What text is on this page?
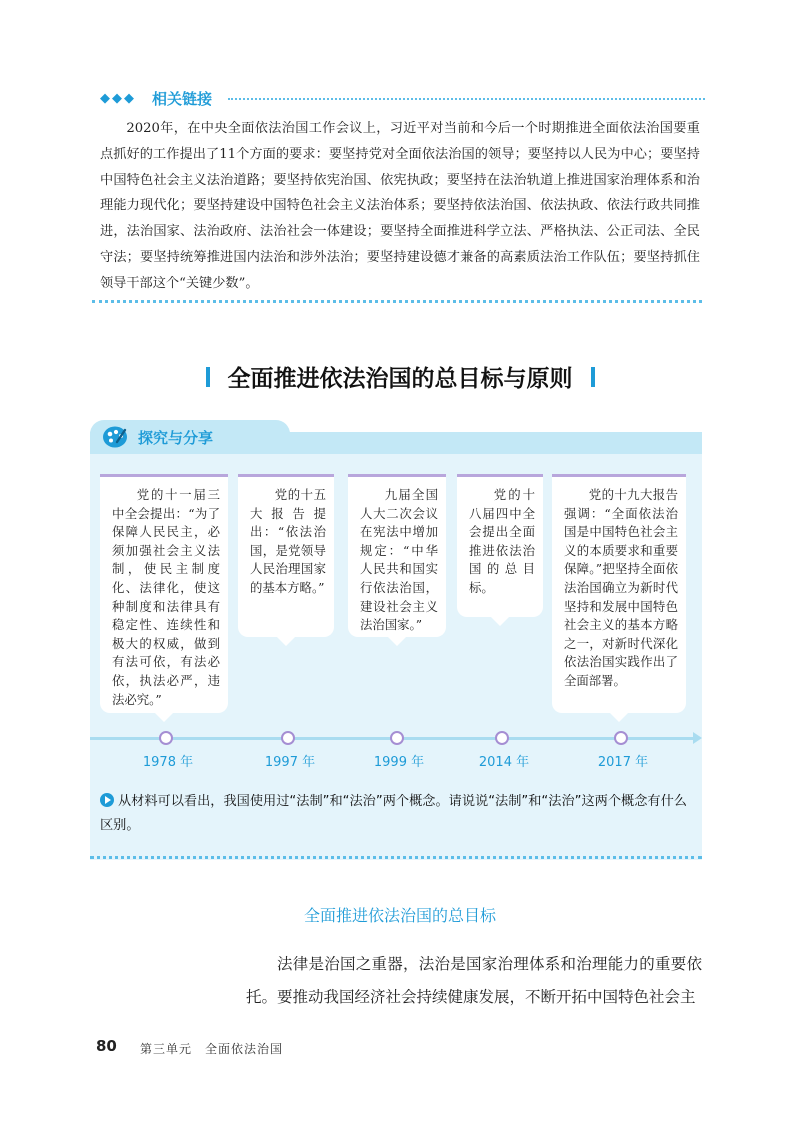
◆◆◆ 相关链接

2020年，在中央全面依法治国工作会议上，习近平对当前和今后一个时期推进全面依法治国要重点抓好的工作提出了11个方面的要求：要坚持党对全面依法治国的领导；要坚持以人民为中心；要坚持中国特色社会主义法治道路；要坚持依宪治国、依宪执政；要坚持在法治轨道上推进国家治理体系和治理能力现代化；要坚持建设中国特色社会主义法治体系；要坚持依法治国、依法执政、依法行政共同推进，法治国家、法治政府、法治社会一体建设；要坚持全面推进科学立法、严格执法、公正司法、全民守法；要坚持统筹推进国内法治和涉外法治；要坚持建设德才兼备的高素质法治工作队伍；要坚持抓住领导干部这个“关键少数”。

全面推进依法治国的总目标与原则
探究与分享

党的十一届三中全会提出：“为了保障人民民主，必须加强社会主义法制，使民主制度化、法律化，使这种制度和法律具有稳定性、连续性和极大的权威，做到有法可依，有法必依，执法必严，违法必究。”

党的十五大报告提出：“依法治国，是党领导人民治理国家的基本方略。”

九届全国人大二次会议在宪法中增加规定：“中华人民共和国实行依法治国，建设社会主义法治国家。”

党的十八届四中全会提出全面推进依法治国的总目标。

党的十九大报告强调：“全面依法治国是中国特色社会主义的本质要求和重要保障。”把坚持全面依法治国确立为新时代坚持和发展中国特色社会主义的基本方略之一，对新时代深化依法治国实践作出了全面部署。

1978 年	1997 年	1999 年	2014 年	2017 年
从材料可以看出，我国使用过“法制”和“法治”两个概念。请说说“法制”和“法治”这两个概念有什么区别。
全面推进依法治国的总目标

法律是治国之重器，法治是国家治理体系和治理能力的重要依托。要推动我国经济社会持续健康发展，不断开拓中国特色社会主

80 第三单元　全面依法治国
